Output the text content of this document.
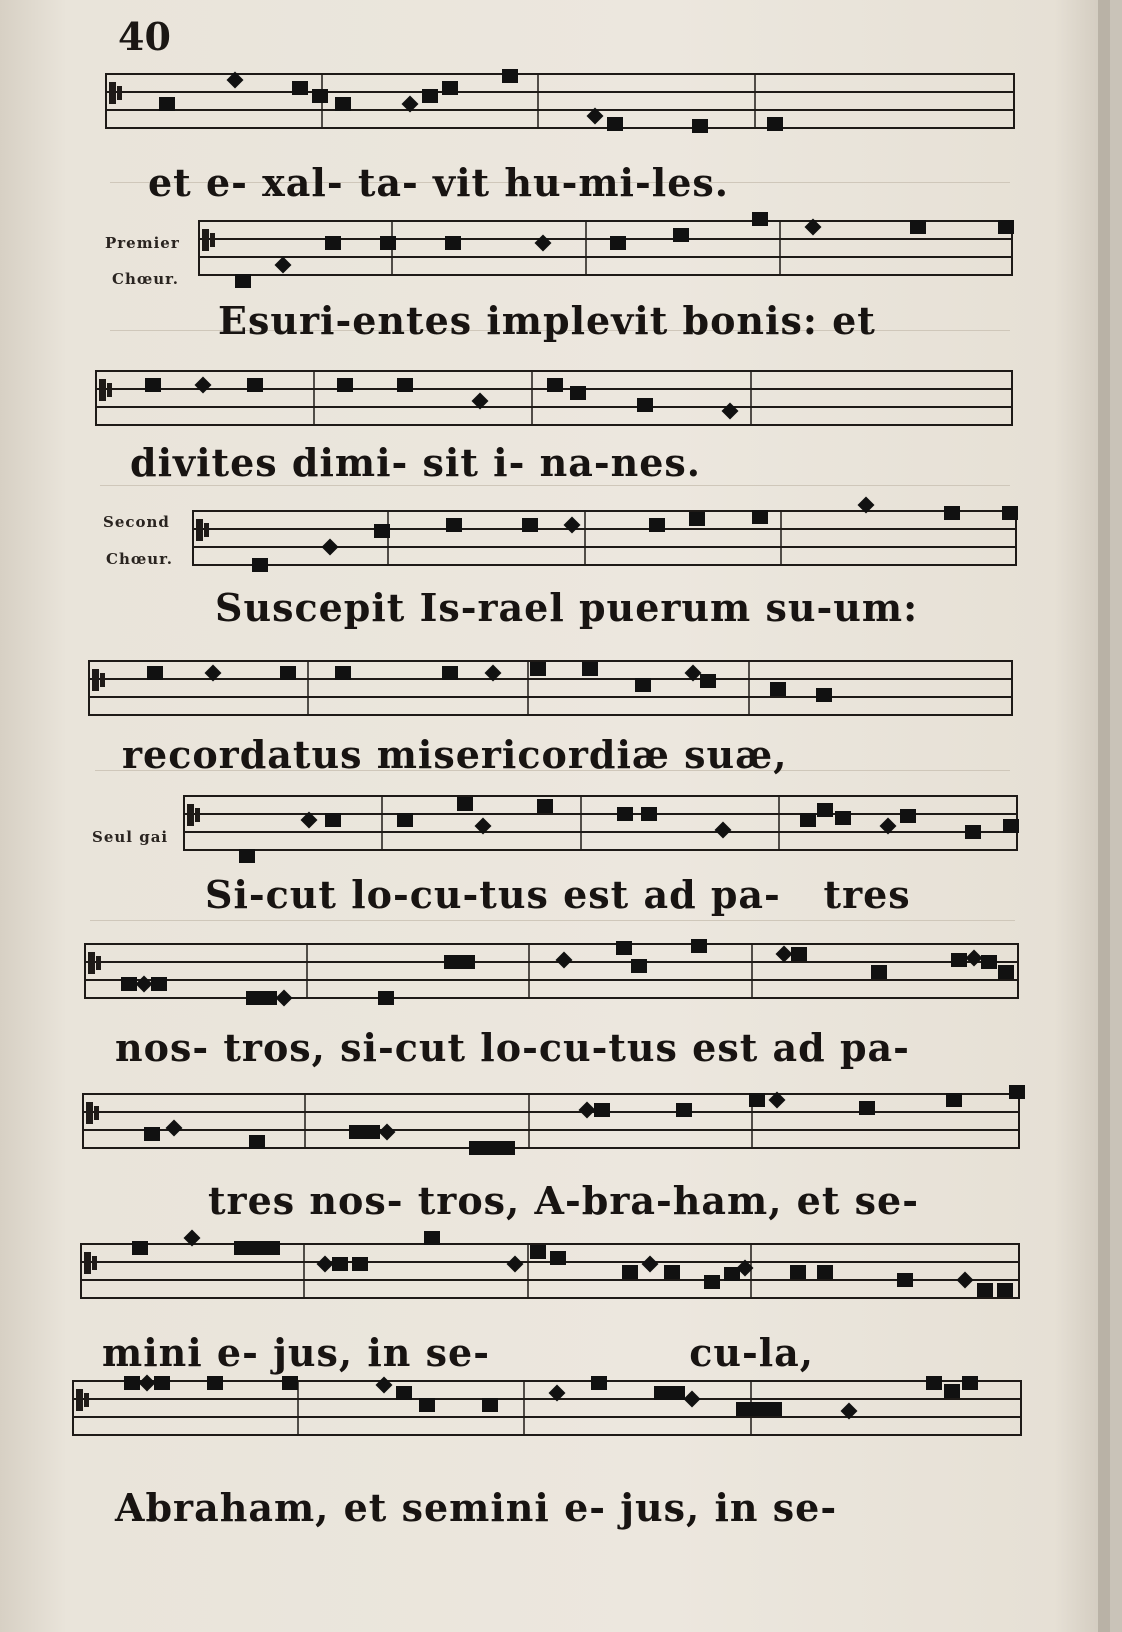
40
et e- xal- ta- vit hu-mi-les.
Premier
Chœur.
Esuri-entes implevit bonis: et
divites dimi- sit i- na-nes.
Second
Chœur.
Suscepit Is-rael puerum su-um:
recordatus misericordiæ suæ,
Seul gai
Si-cut lo-cu-tus est ad pa-   tres
nos- tros, si-cut lo-cu-tus est ad pa-
tres nos- tros, A-bra-ham, et se-
mini e- jus, in se-              cu-la,
Abraham, et semini e- jus, in se-
